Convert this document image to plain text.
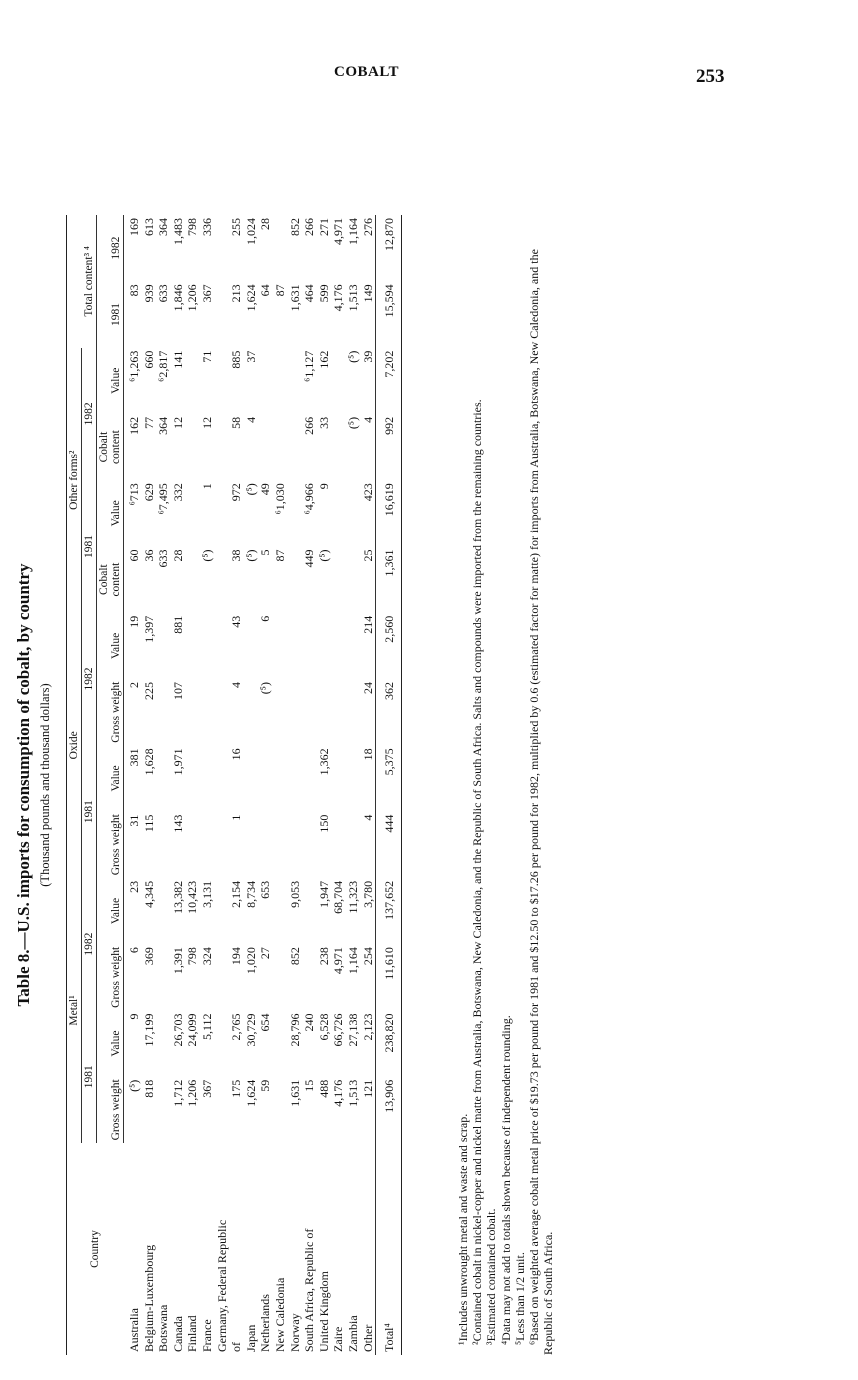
COBALT	253
Table 8.—U.S. imports for consumption of cobalt, by country (Thousand pounds and thousand dollars)
Country	Metal¹				Oxide				Other forms²				Total content³ ⁴	
	1981		1982		1981		1982		1981		1982			
	Gross weight	Value	Gross weight	Value	Gross weight	Value	Gross weight	Value	Cobalt content	Value	Cobalt content	Value	1981	1982
Australia	(⁵)	9	6	23	31	381	2	19	60	⁶713	162	⁶1,263	83	169
Belgium-Luxembourg	818	17,199	369	4,345	115	1,628	225	1,397	36	629	77	660	939	613
Botswana									633	⁶7,495	364	⁶2,817	633	364
Canada	1,712	26,703	1,391	13,382	143	1,971	107	881	28	332	12	141	1,846	1,483
Finland	1,206	24,099	798	10,423									1,206	798
France	367	5,112	324	3,131					(⁵)	1	12	71	367	336
Germany, Federal Republic														
of	175	2,765	194	2,154	1	16	4	43	38	972	58	885	213	255
Japan	1,624	30,729	1,020	8,734					(⁵)	(⁵)	4	37	1,624	1,024
Netherlands	59	654	27	653			(⁵)	6	5	49			64	28
New Caledonia									87	⁶1,030			87	
Norway	1,631	28,796	852	9,053									1,631	852
South Africa, Republic of	15	240							449	⁶4,966	266	⁶1,127	464	266
United Kingdom	488	6,528	238	1,947	150	1,362			(⁵)	9	33	162	599	271
Zaire	4,176	66,726	4,971	68,704									4,176	4,971
Zambia	1,513	27,138	1,164	11,323							(⁵)	(⁵)	1,513	1,164
Other	121	2,123	254	3,780	4	18	24	214	25	423	4	39	149	276
Total⁴	13,906	238,820	11,610	137,652	444	5,375	362	2,560	1,361	16,619	992	7,202	15,594	12,870
¹Includes unwrought metal and waste and scrap. ²Contained cobalt in nickel-copper and nickel matte from Australia, Botswana, New Caledonia, and the Republic of South Africa. Salts and compounds were imported from the remaining countries. ³Estimated contained cobalt. ⁴Data may not add to totals shown because of independent rounding. ⁵Less than 1/2 unit. ⁶Based on weighted average cobalt metal price of $19.73 per pound for 1981 and $12.50 to $17.26 per pound for 1982, multiplied by 0.6 (estimated factor for matte) for imports from Australia, Botswana, New Caledonia, and the Republic of South Africa.
